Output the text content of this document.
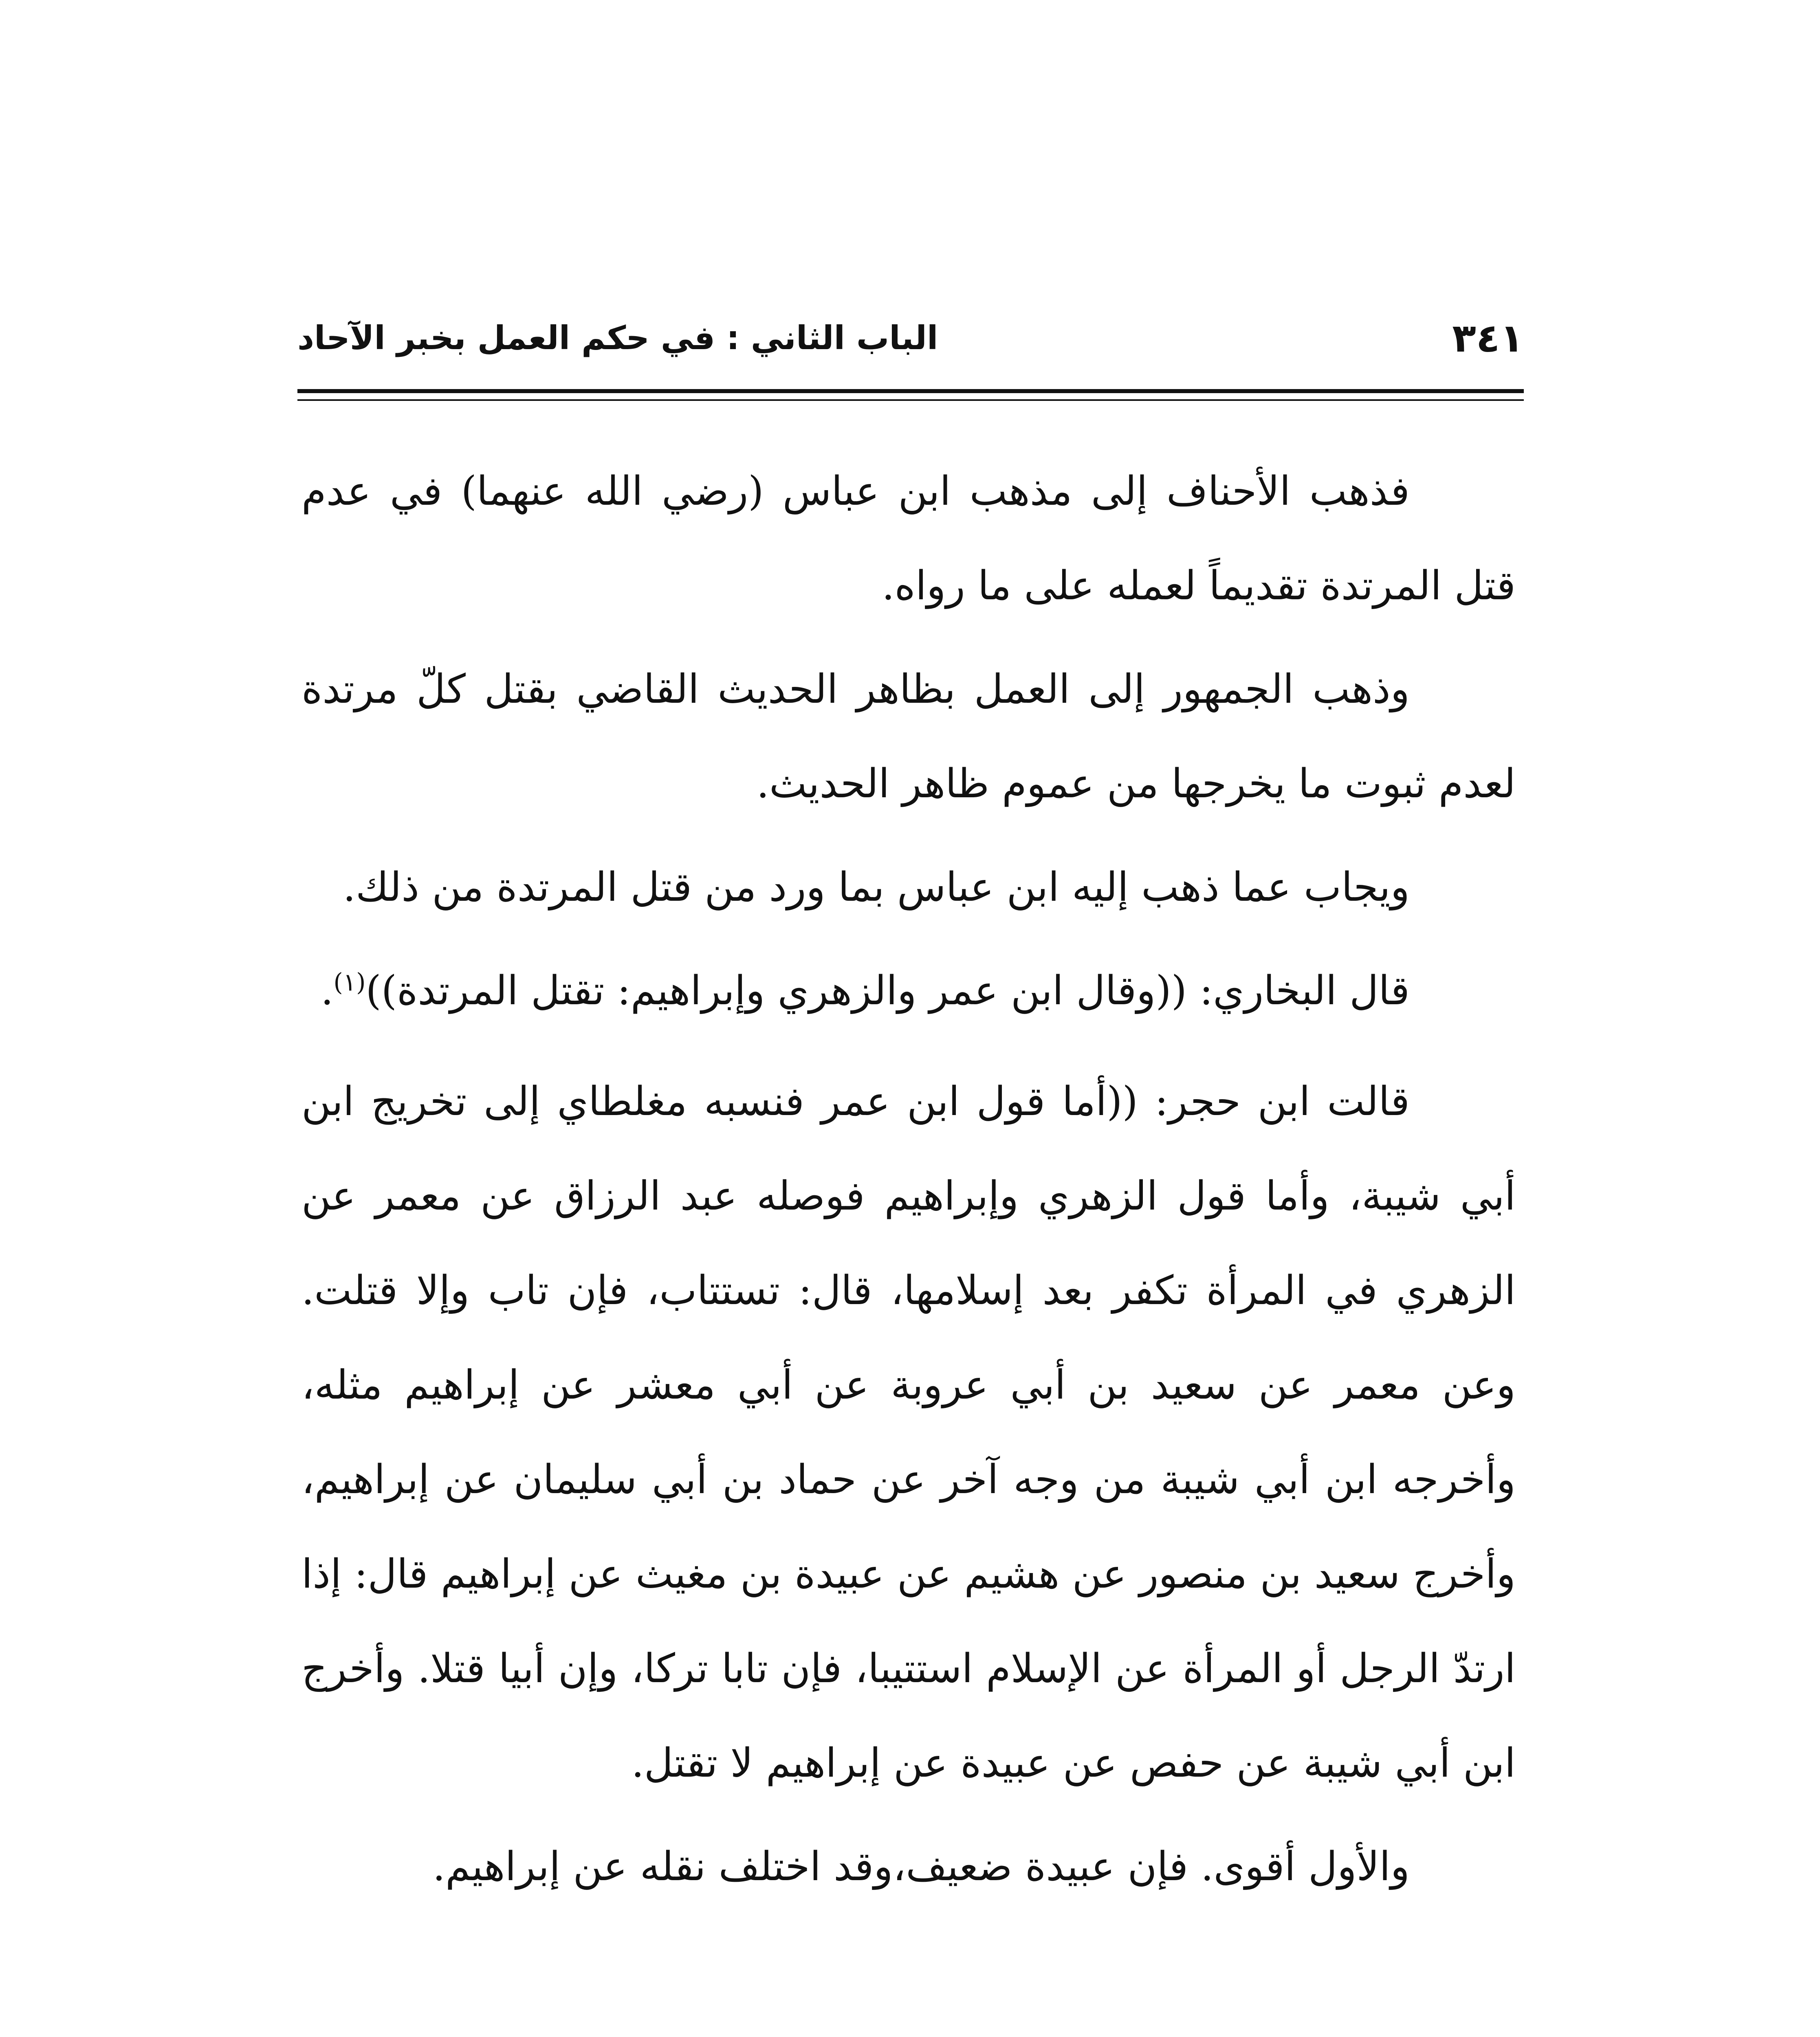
٣٤١
الباب الثاني : في حكم العمل بخبر الآحاد

فذهب الأحناف إلى مذهب ابن عباس (رضي الله عنهما) في عدم قتل المرتدة تقديماً لعمله على ما رواه.

وذهب الجمهور إلى العمل بظاهر الحديث القاضي بقتل كلّ مرتدة لعدم ثبوت ما يخرجها من عموم ظاهر الحديث.

ويجاب عما ذهب إليه ابن عباس بما ورد من قتل المرتدة من ذلك.

قال البخاري: ((وقال ابن عمر والزهري وإبراهيم: تقتل المرتدة))$^{(١)}$.

قالت ابن حجر: ((أما قول ابن عمر فنسبه مغلطاي إلى تخريج ابن أبي شيبة، وأما قول الزهري وإبراهيم فوصله عبد الرزاق عن معمر عن الزهري في المرأة تكفر بعد إسلامها، قال: تستتاب، فإن تاب وإلا قتلت. وعن معمر عن سعيد بن أبي عروبة عن أبي معشر عن إبراهيم مثله، وأخرجه ابن أبي شيبة من وجه آخر عن حماد بن أبي سليمان عن إبراهيم، وأخرج سعيد بن منصور عن هشيم عن عبيدة بن مغيث عن إبراهيم قال: إذا ارتدّ الرجل أو المرأة عن الإسلام استتيبا، فإن تابا تركا، وإن أبيا قتلا. وأخرج ابن أبي شيبة عن حفص عن عبيدة عن إبراهيم لا تقتل.

والأول أقوى. فإن عبيدة ضعيف،وقد اختلف نقله عن إبراهيم.
